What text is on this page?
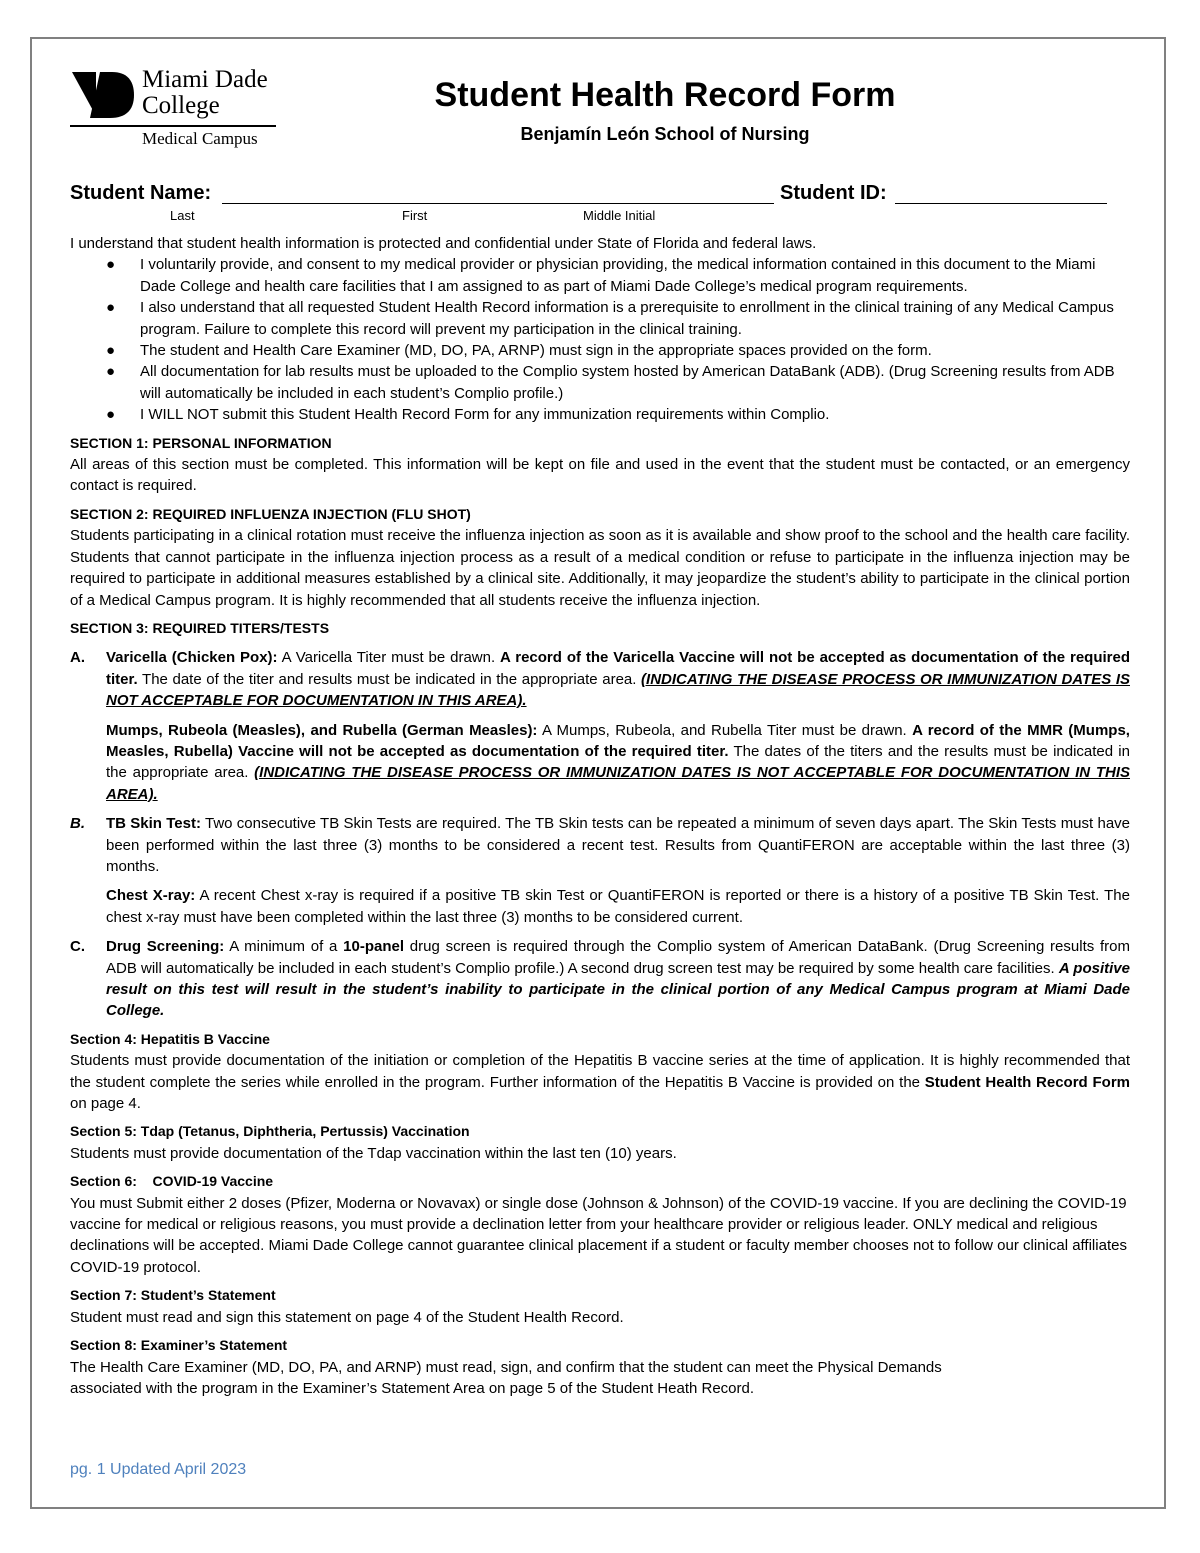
Miami Dade
College
Medical Campus
Student Health Record Form
Benjamín León School of Nursing
Student Name:	Student ID:
Last	First	Middle Initial

I understand that student health information is protected and confidential under State of Florida and federal laws.

● I voluntarily provide, and consent to my medical provider or physician providing, the medical information contained in this document to the Miami Dade College and health care facilities that I am assigned to as part of Miami Dade College’s medical program requirements.
● I also understand that all requested Student Health Record information is a prerequisite to enrollment in the clinical training of any Medical Campus program. Failure to complete this record will prevent my participation in the clinical training.
● The student and Health Care Examiner (MD, DO, PA, ARNP) must sign in the appropriate spaces provided on the form.
● All documentation for lab results must be uploaded to the Complio system hosted by American DataBank (ADB). (Drug Screening results from ADB will automatically be included in each student’s Complio profile.)
● I WILL NOT submit this Student Health Record Form for any immunization requirements within Complio.

SECTION 1: PERSONAL INFORMATION

All areas of this section must be completed. This information will be kept on file and used in the event that the student must be contacted, or an emergency contact is required.

SECTION 2: REQUIRED INFLUENZA INJECTION (FLU SHOT)

Students participating in a clinical rotation must receive the influenza injection as soon as it is available and show proof to the school and the health care facility. Students that cannot participate in the influenza injection process as a result of a medical condition or refuse to participate in the influenza injection may be required to participate in additional measures established by a clinical site. Additionally, it may jeopardize the student’s ability to participate in the clinical portion of a Medical Campus program. It is highly recommended that all students receive the influenza injection.

SECTION 3: REQUIRED TITERS/TESTS

A. Varicella (Chicken Pox): A Varicella Titer must be drawn. A record of the Varicella Vaccine will not be accepted as documentation of the required titer. The date of the titer and results must be indicated in the appropriate area. (INDICATING THE DISEASE PROCESS OR IMMUNIZATION DATES IS NOT ACCEPTABLE FOR DOCUMENTATION IN THIS AREA).

Mumps, Rubeola (Measles), and Rubella (German Measles): A Mumps, Rubeola, and Rubella Titer must be drawn. A record of the MMR (Mumps, Measles, Rubella) Vaccine will not be accepted as documentation of the required titer. The dates of the titers and the results must be indicated in the appropriate area. (INDICATING THE DISEASE PROCESS OR IMMUNIZATION DATES IS NOT ACCEPTABLE FOR DOCUMENTATION IN THIS AREA).

B. TB Skin Test: Two consecutive TB Skin Tests are required. The TB Skin tests can be repeated a minimum of seven days apart. The Skin Tests must have been performed within the last three (3) months to be considered a recent test. Results from QuantiFERON are acceptable within the last three (3) months.

Chest X-ray: A recent Chest x-ray is required if a positive TB skin Test or QuantiFERON is reported or there is a history of a positive TB Skin Test. The chest x-ray must have been completed within the last three (3) months to be considered current.

C. Drug Screening: A minimum of a 10-panel drug screen is required through the Complio system of American DataBank. (Drug Screening results from ADB will automatically be included in each student’s Complio profile.) A second drug screen test may be required by some health care facilities. A positive result on this test will result in the student’s inability to participate in the clinical portion of any Medical Campus program at Miami Dade College.

Section 4: Hepatitis B Vaccine

Students must provide documentation of the initiation or completion of the Hepatitis B vaccine series at the time of application. It is highly recommended that the student complete the series while enrolled in the program. Further information of the Hepatitis B Vaccine is provided on the Student Health Record Form on page 4.

Section 5: Tdap (Tetanus, Diphtheria, Pertussis) Vaccination

Students must provide documentation of the Tdap vaccination within the last ten (10) years.

Section 6:    COVID-19 Vaccine

You must Submit either 2 doses (Pfizer, Moderna or Novavax) or single dose (Johnson & Johnson) of the COVID-19 vaccine. If you are declining the COVID-19 vaccine for medical or religious reasons, you must provide a declination letter from your healthcare provider or religious leader. ONLY medical and religious declinations will be accepted. Miami Dade College cannot guarantee clinical placement if a student or faculty member chooses not to follow our clinical affiliates COVID-19 protocol.

Section 7: Student’s Statement

Student must read and sign this statement on page 4 of the Student Health Record.

Section 8: Examiner’s Statement

The Health Care Examiner (MD, DO, PA, and ARNP) must read, sign, and confirm that the student can meet the Physical Demands

associated with the program in the Examiner’s Statement Area on page 5 of the Student Heath Record.

pg. 1 Updated April 2023
